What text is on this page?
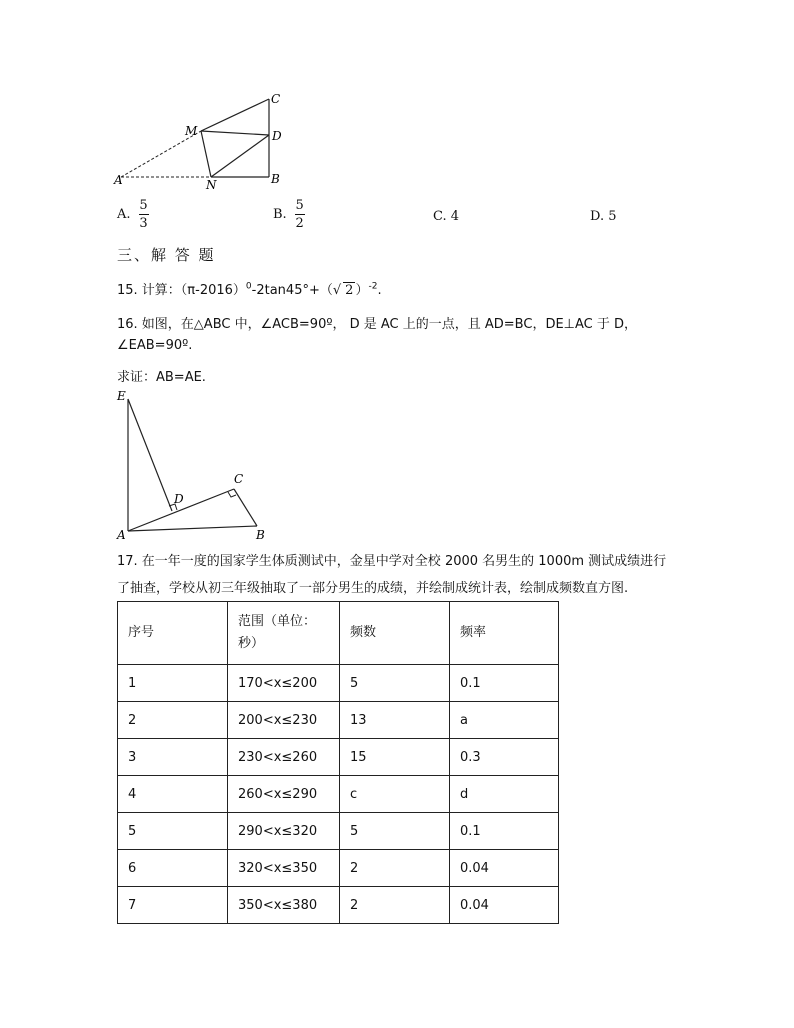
A
M
N
C
D
B
A. $\frac{5}{3}$	B. $\frac{5}{2}$	C.
4	D.
5
三、解 答 题
15. 计算：$(\pi-2016)^0-2\tan 45^\circ+(√$ 2 ）$^{-2}$.
16. 如图，在△ABC 中，∠ACB=90º， D 是 AC 上的一点，且 AD=BC，DE⊥AC 于 D，
∠EAB=90º.
求证：AB=AE.
E
A
D
C
B
17. 在一年一度的国家学生体质测试中，金星中学对全校 2000 名男生的 1000m 测试成绩进行
了抽查，学校从初三年级抽取了一部分男生的成绩，并绘制成统计表，绘制成频数直方图.
序号	范围（单位：秒）	频数	频率
1	170<x≤200	5	0.1
2	200<x≤230	13	a
3	230<x≤260	15	0.3
4	260<x≤290	c	d
5	290<x≤320	5	0.1
6	320<x≤350	2	0.04
7	350<x≤380	2	0.04
